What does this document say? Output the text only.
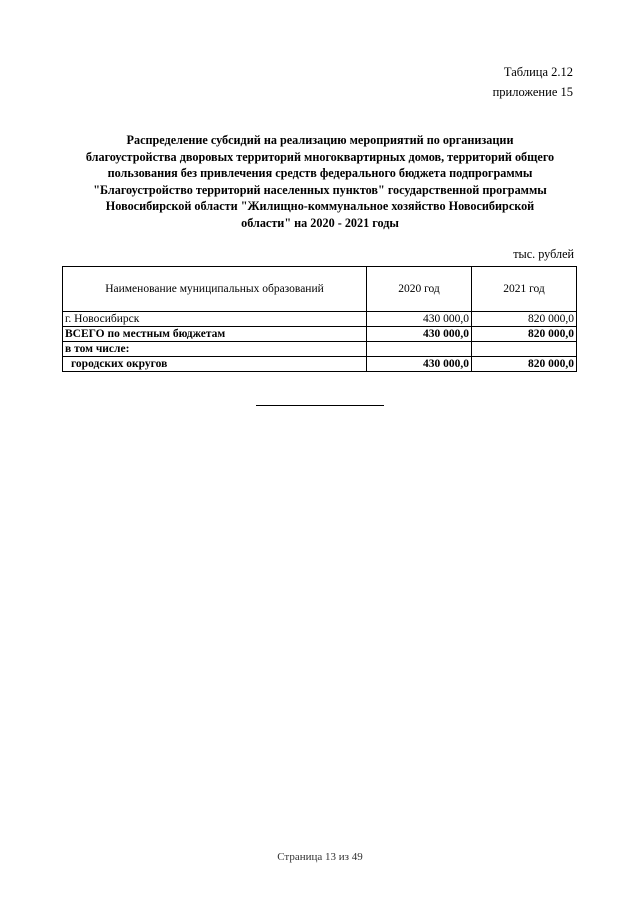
Таблица 2.12
приложение 15
Распределение субсидий на реализацию мероприятий по организации
благоустройства дворовых территорий многоквартирных домов, территорий общего
пользования без привлечения средств федерального бюджета подпрограммы
"Благоустройство территорий населенных пунктов" государственной программы
Новосибирской области "Жилищно-коммунальное хозяйство Новосибирской
области" на 2020 - 2021 годы
тыс. рублей
Наименование муниципальных образований	2020 год	2021 год
г. Новосибирск	430 000,0	820 000,0
ВСЕГО по местным бюджетам	430 000,0	820 000,0
в том числе:		
городских округов	430 000,0	820 000,0
Страница 13 из 49
